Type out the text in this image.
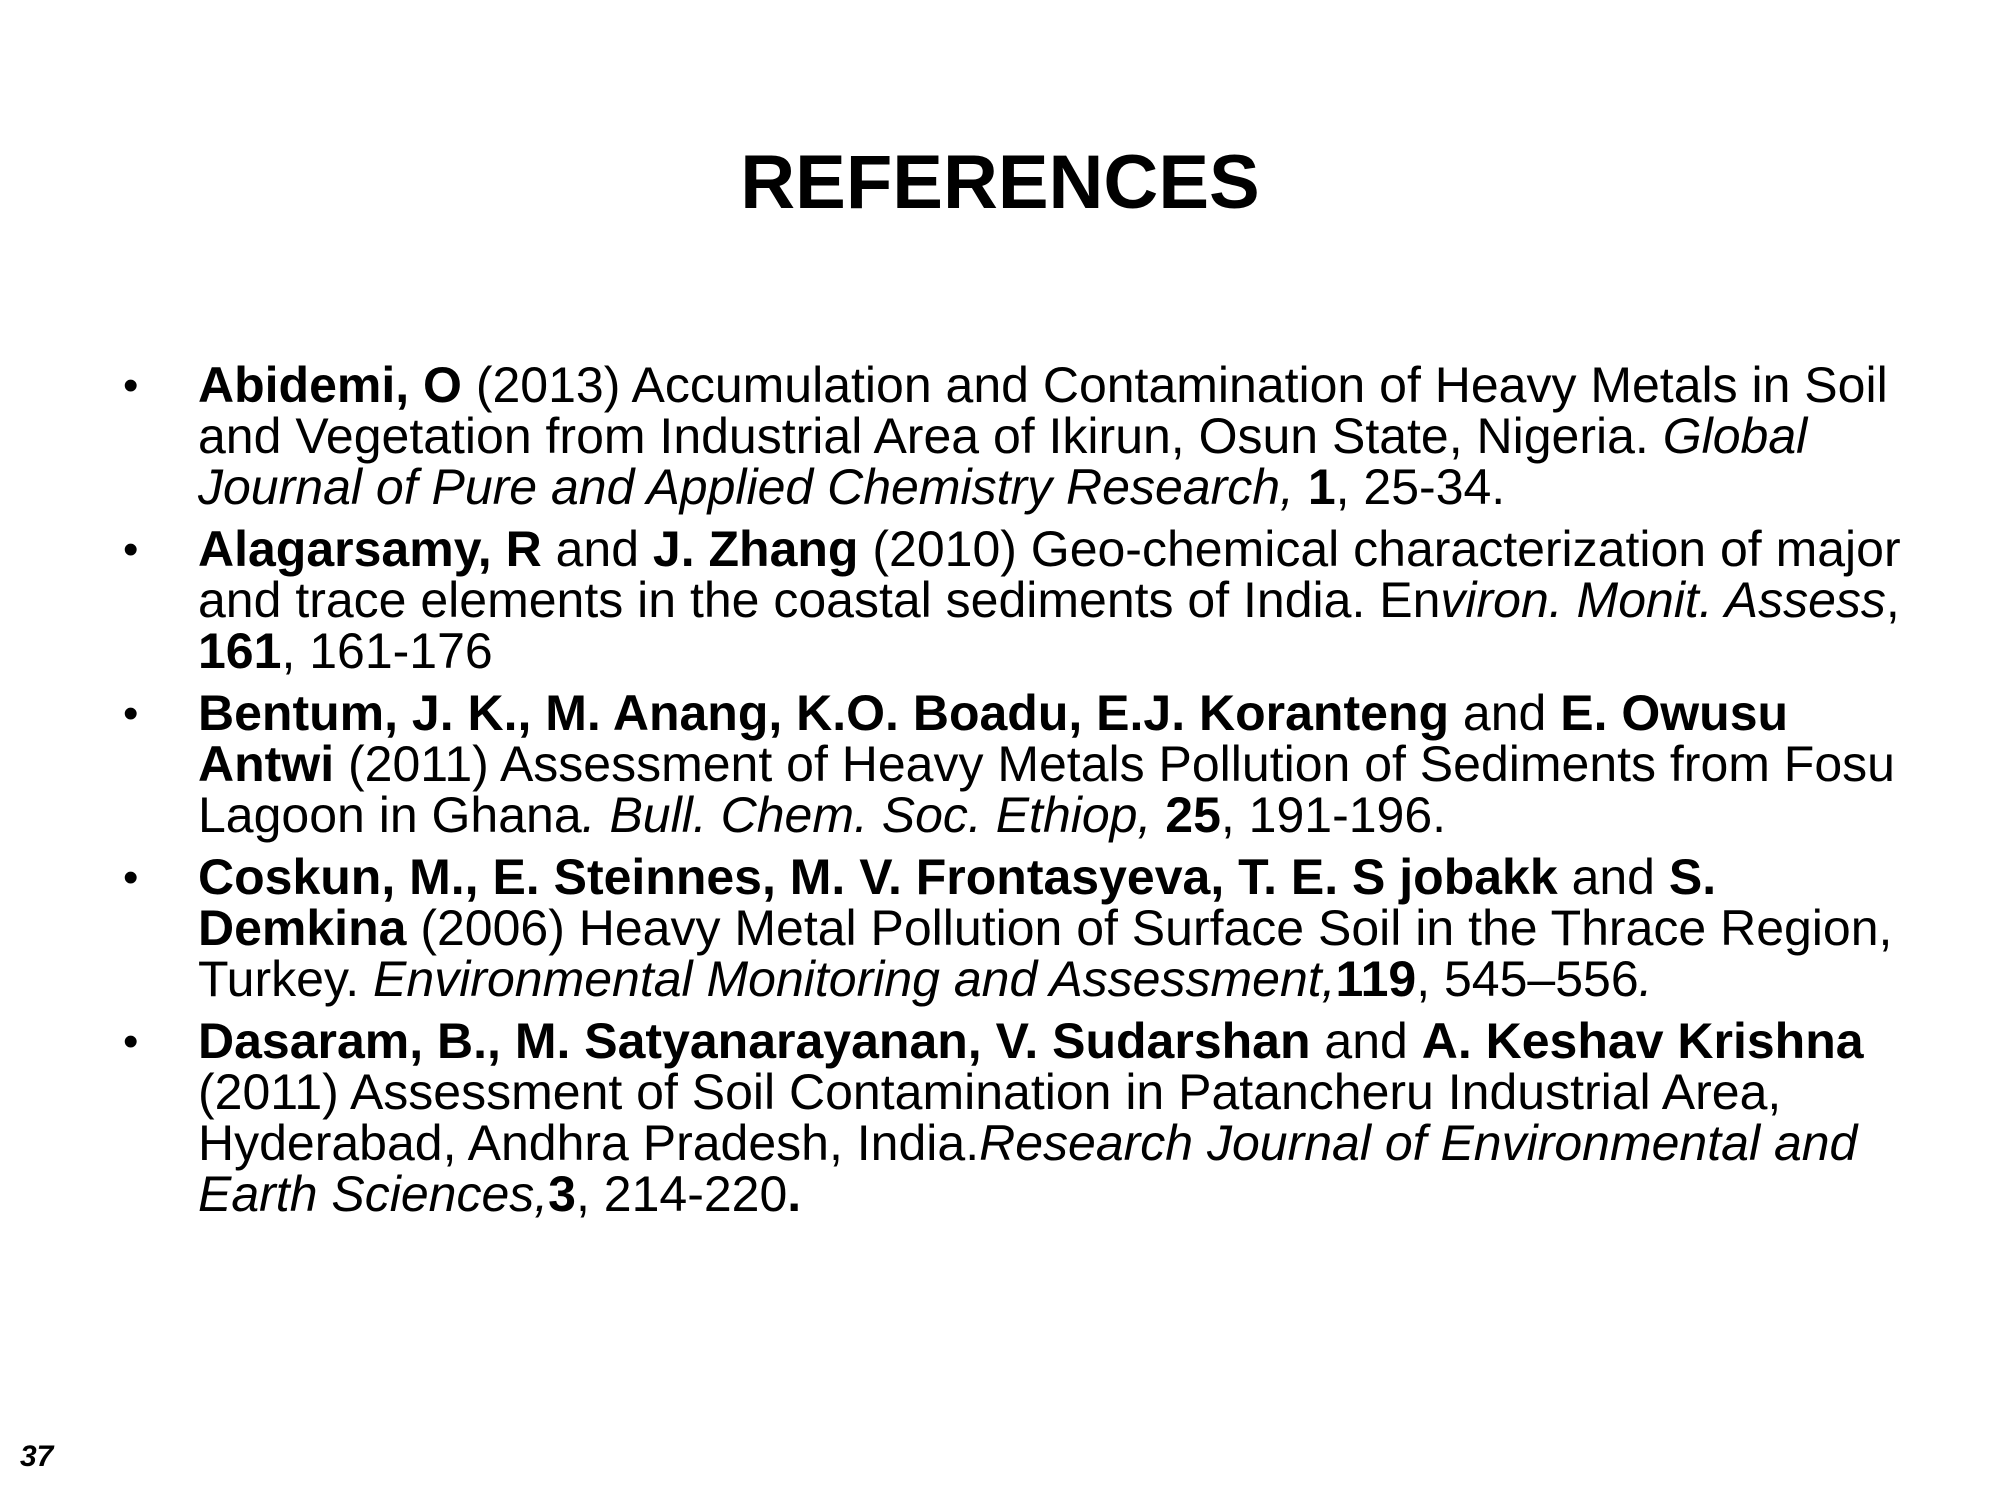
REFERENCES
•	Abidemi, O (2013) Accumulation and Contamination of Heavy Metals in Soil and Vegetation from Industrial Area of Ikirun, Osun State, Nigeria. Global Journal of Pure and Applied Chemistry Research, 1, 25-34.
•	Alagarsamy, R and J. Zhang (2010) Geo-chemical characterization of major and trace elements in the coastal sediments of India. Environ. Monit. Assess, 161, 161-176
•	Bentum, J. K., M. Anang, K.O. Boadu, E.J. Koranteng and E. Owusu Antwi (2011) Assessment of Heavy Metals Pollution of Sediments from Fosu Lagoon in Ghana. Bull. Chem. Soc. Ethiop, 25, 191-196.
•	Coskun, M., E. Steinnes, M. V. Frontasyeva, T. E. S jobakk and S. Demkina (2006) Heavy Metal Pollution of Surface Soil in the Thrace Region, Turkey. Environmental Monitoring and Assessment,119, 545–556.
•	Dasaram, B., M. Satyanarayanan, V. Sudarshan and A. Keshav Krishna (2011) Assessment of Soil Contamination in Patancheru Industrial Area, Hyderabad, Andhra Pradesh, India.Research Journal of Environmental and Earth Sciences,3, 214-220.
37
